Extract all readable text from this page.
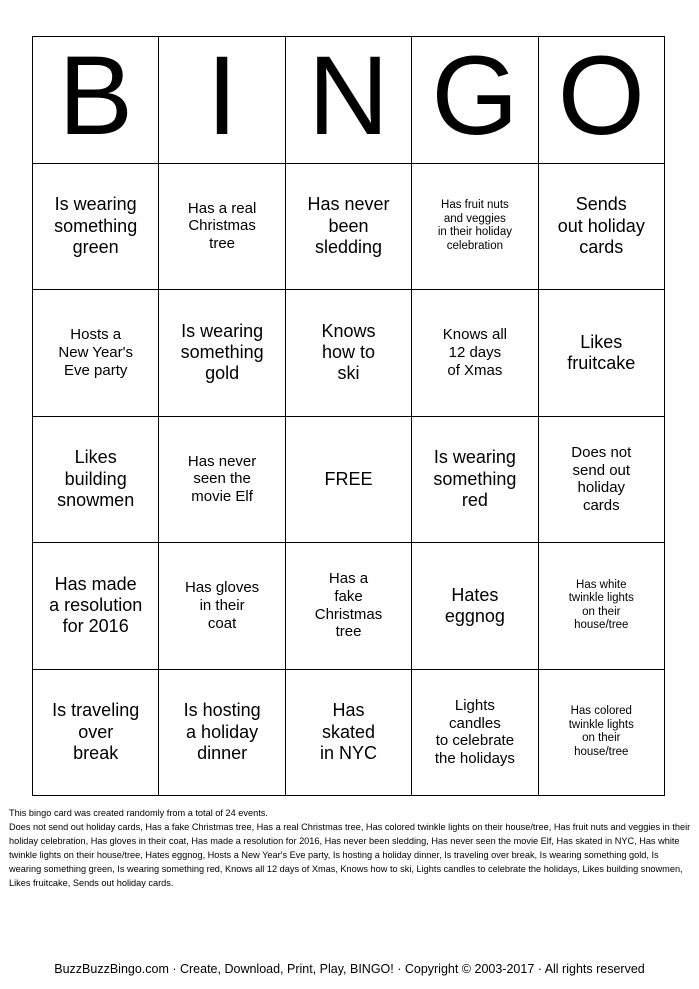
B I N G O
Is wearing
something
green
Has a real
Christmas
tree
Has never
been
sledding
Has fruit nuts
and veggies
in their holiday
celebration
Sends
out holiday
cards
Hosts a
New Year's
Eve party
Is wearing
something
gold
Knows
how to
ski
Knows all
12 days
of Xmas
Likes
fruitcake
Likes
building
snowmen
Has never
seen the
movie Elf
FREE
Is wearing
something
red
Does not
send out
holiday
cards
Has made
a resolution
for 2016
Has gloves
in their
coat
Has a
fake
Christmas
tree
Hates
eggnog
Has white
twinkle lights
on their
house/tree
Is traveling
over
break
Is hosting
a holiday
dinner
Has
skated
in NYC
Lights
candles
to celebrate
the holidays
Has colored
twinkle lights
on their
house/tree

This bingo card was created randomly from a total of 24 events.

Does not send out holiday cards, Has a fake Christmas tree, Has a real Christmas tree, Has colored twinkle lights on their house/tree, Has fruit nuts and veggies in their holiday celebration, Has gloves in their coat, Has made a resolution for 2016, Has never been sledding, Has never seen the movie Elf, Has skated in NYC, Has white twinkle lights on their house/tree, Hates eggnog, Hosts a New Year's Eve party, Is hosting a holiday dinner, Is traveling over break, Is wearing something gold, Is wearing something green, Is wearing something red, Knows all 12 days of Xmas, Knows how to ski, Lights candles to celebrate the holidays, Likes building snowmen, Likes fruitcake, Sends out holiday cards.

BuzzBuzzBingo.com · Create, Download, Print, Play, BINGO! · Copyright © 2003-2017 · All rights reserved
